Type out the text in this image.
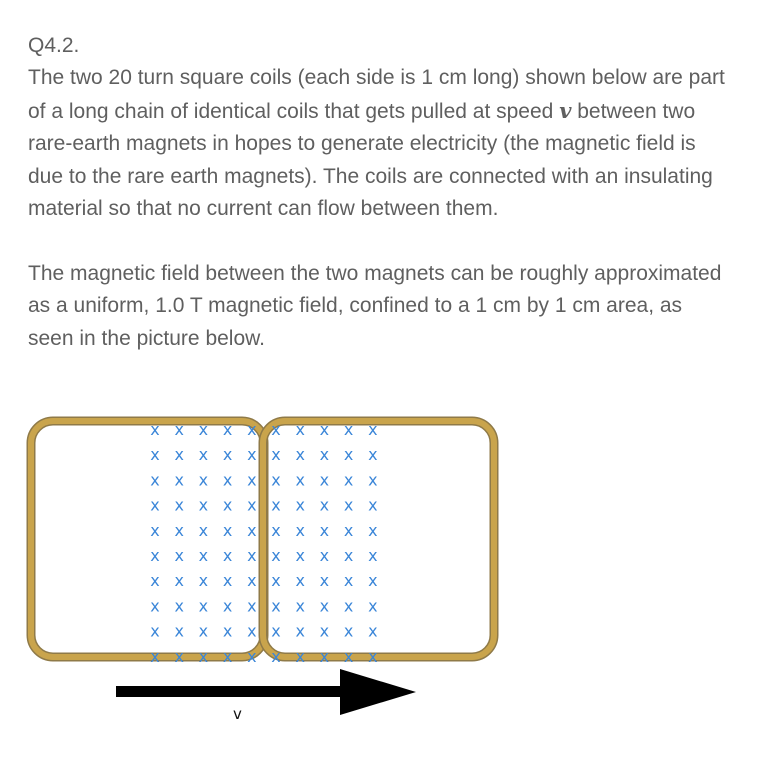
Q4.2.

The two 20 turn square coils (each side is 1 cm long) shown below are part of a long chain of identical coils that gets pulled at speed v between two rare-earth magnets in hopes to generate electricity (the magnetic field is due to the rare earth magnets). The coils are connected with an insulating material so that no current can flow between them.

The magnetic field between the two magnets can be roughly approximated as a uniform, 1.0 T magnetic field, confined to a 1 cm by 1 cm area, as seen in the picture below.

x x x x x x x x x x
x x x x x x x x x x
x x x x x x x x x x
x x x x x x x x x x
x x x x x x x x x x
x x x x x x x x x x
x x x x x x x x x x
x x x x x x x x x x
x x x x x x x x x x
x x x x x x x x x x
v
